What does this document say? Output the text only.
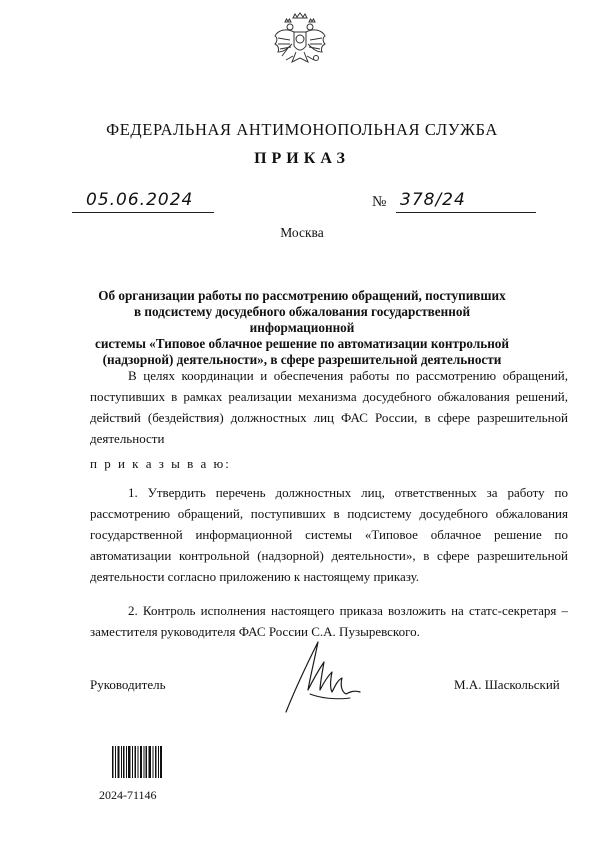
ФЕДЕРАЛЬНАЯ АНТИМОНОПОЛЬНАЯ СЛУЖБА
ПРИКАЗ
05.06.2024	№ 378/24
Москва
Об организации работы по рассмотрению обращений, поступивших
в подсистему досудебного обжалования государственной информационной
системы «Типовое облачное решение по автоматизации контрольной
(надзорной) деятельности», в сфере разрешительной деятельности
В целях координации и обеспечения работы по рассмотрению обращений, поступивших в рамках реализации механизма досудебного обжалования решений, действий (бездействия) должностных лиц ФАС России, в сфере разрешительной деятельности
п р и к а з ы в а ю:
1. Утвердить перечень должностных лиц, ответственных за работу по рассмотрению обращений, поступивших в подсистему досудебного обжалования государственной информационной системы «Типовое облачное решение по автоматизации контрольной (надзорной) деятельности», в сфере разрешительной деятельности согласно приложению к настоящему приказу.
2. Контроль исполнения настоящего приказа возложить на статс-секретаря – заместителя руководителя ФАС России С.А. Пузыревского.
Руководитель	М.А. Шаскольский
2024-71146
